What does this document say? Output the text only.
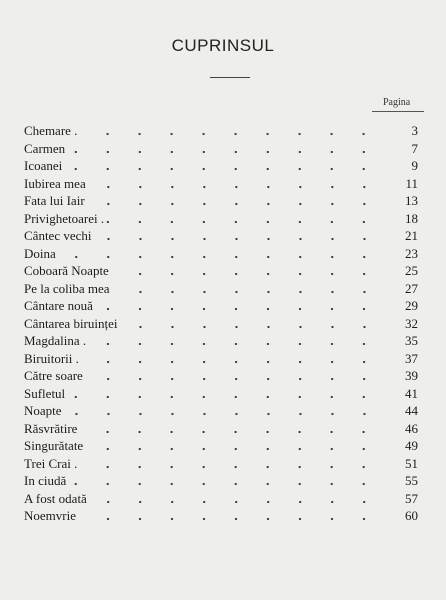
CUPRINSUL
Pagina
Chemare .	3
Carmen	7
Icoanei	9
Iubirea mea	11
Fata lui Iair	13
Privighetoarei .	18
Cântec vechi	21
Doina	23
Coboară Noapte	25
Pe la coliba mea	27
Cântare nouă	29
Cântarea biruinței	32
Magdalina .	35
Biruitorii .	37
Către soare	39
Sufletul	41
Noapte	44
Răsvrătire	46
Singurătate	49
Trei Crai .	51
In ciudă	55
A fost odată	57
Noemvrie	60
